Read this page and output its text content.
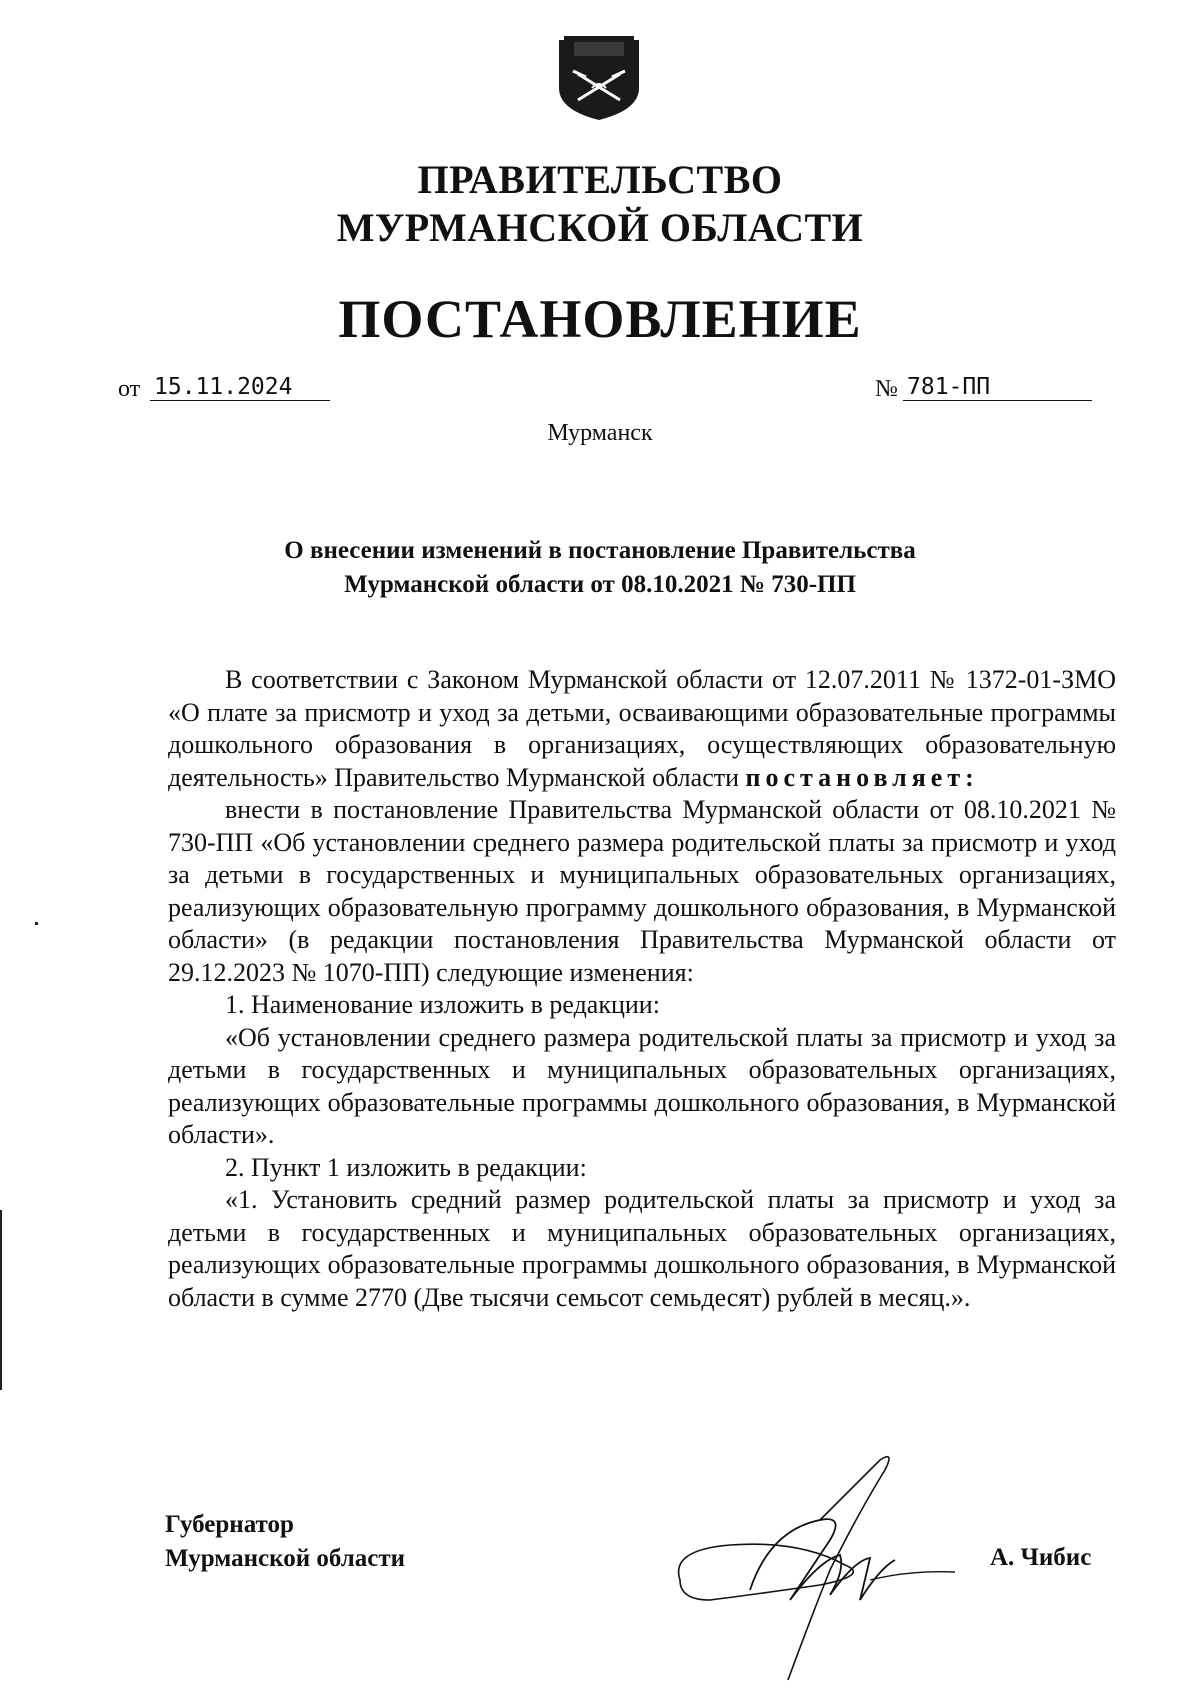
ПРАВИТЕЛЬСТВО
МУРМАНСКОЙ ОБЛАСТИ
ПОСТАНОВЛЕНИЕ
от 15.11.2024	№ 781-ПП
Мурманск
О внесении изменений в постановление Правительства
Мурманской области от 08.10.2021 № 730-ПП

В соответствии с Законом Мурманской области от 12.07.2011 № 1372-01-ЗМО «О плате за присмотр и уход за детьми, осваивающими образовательные программы дошкольного образования в организациях, осуществляющих образовательную деятельность» Правительство Мурманской области постановляет:

внести в постановление Правительства Мурманской области от 08.10.2021 № 730-ПП «Об установлении среднего размера родительской платы за присмотр и уход за детьми в государственных и муниципальных образовательных организациях, реализующих образовательную программу дошкольного образования, в Мурманской области» (в редакции постановления Правительства Мурманской области от 29.12.2023 № 1070-ПП) следующие изменения:

1. Наименование изложить в редакции:

«Об установлении среднего размера родительской платы за присмотр и уход за детьми в государственных и муниципальных образовательных организациях, реализующих образовательные программы дошкольного образования, в Мурманской области».

2. Пункт 1 изложить в редакции:

«1. Установить средний размер родительской платы за присмотр и уход за детьми в государственных и муниципальных образовательных организациях, реализующих образовательные программы дошкольного образования, в Мурманской области в сумме 2770 (Две тысячи семьсот семьдесят) рублей в месяц.».

Губернатор
Мурманской области	А. Чибис
